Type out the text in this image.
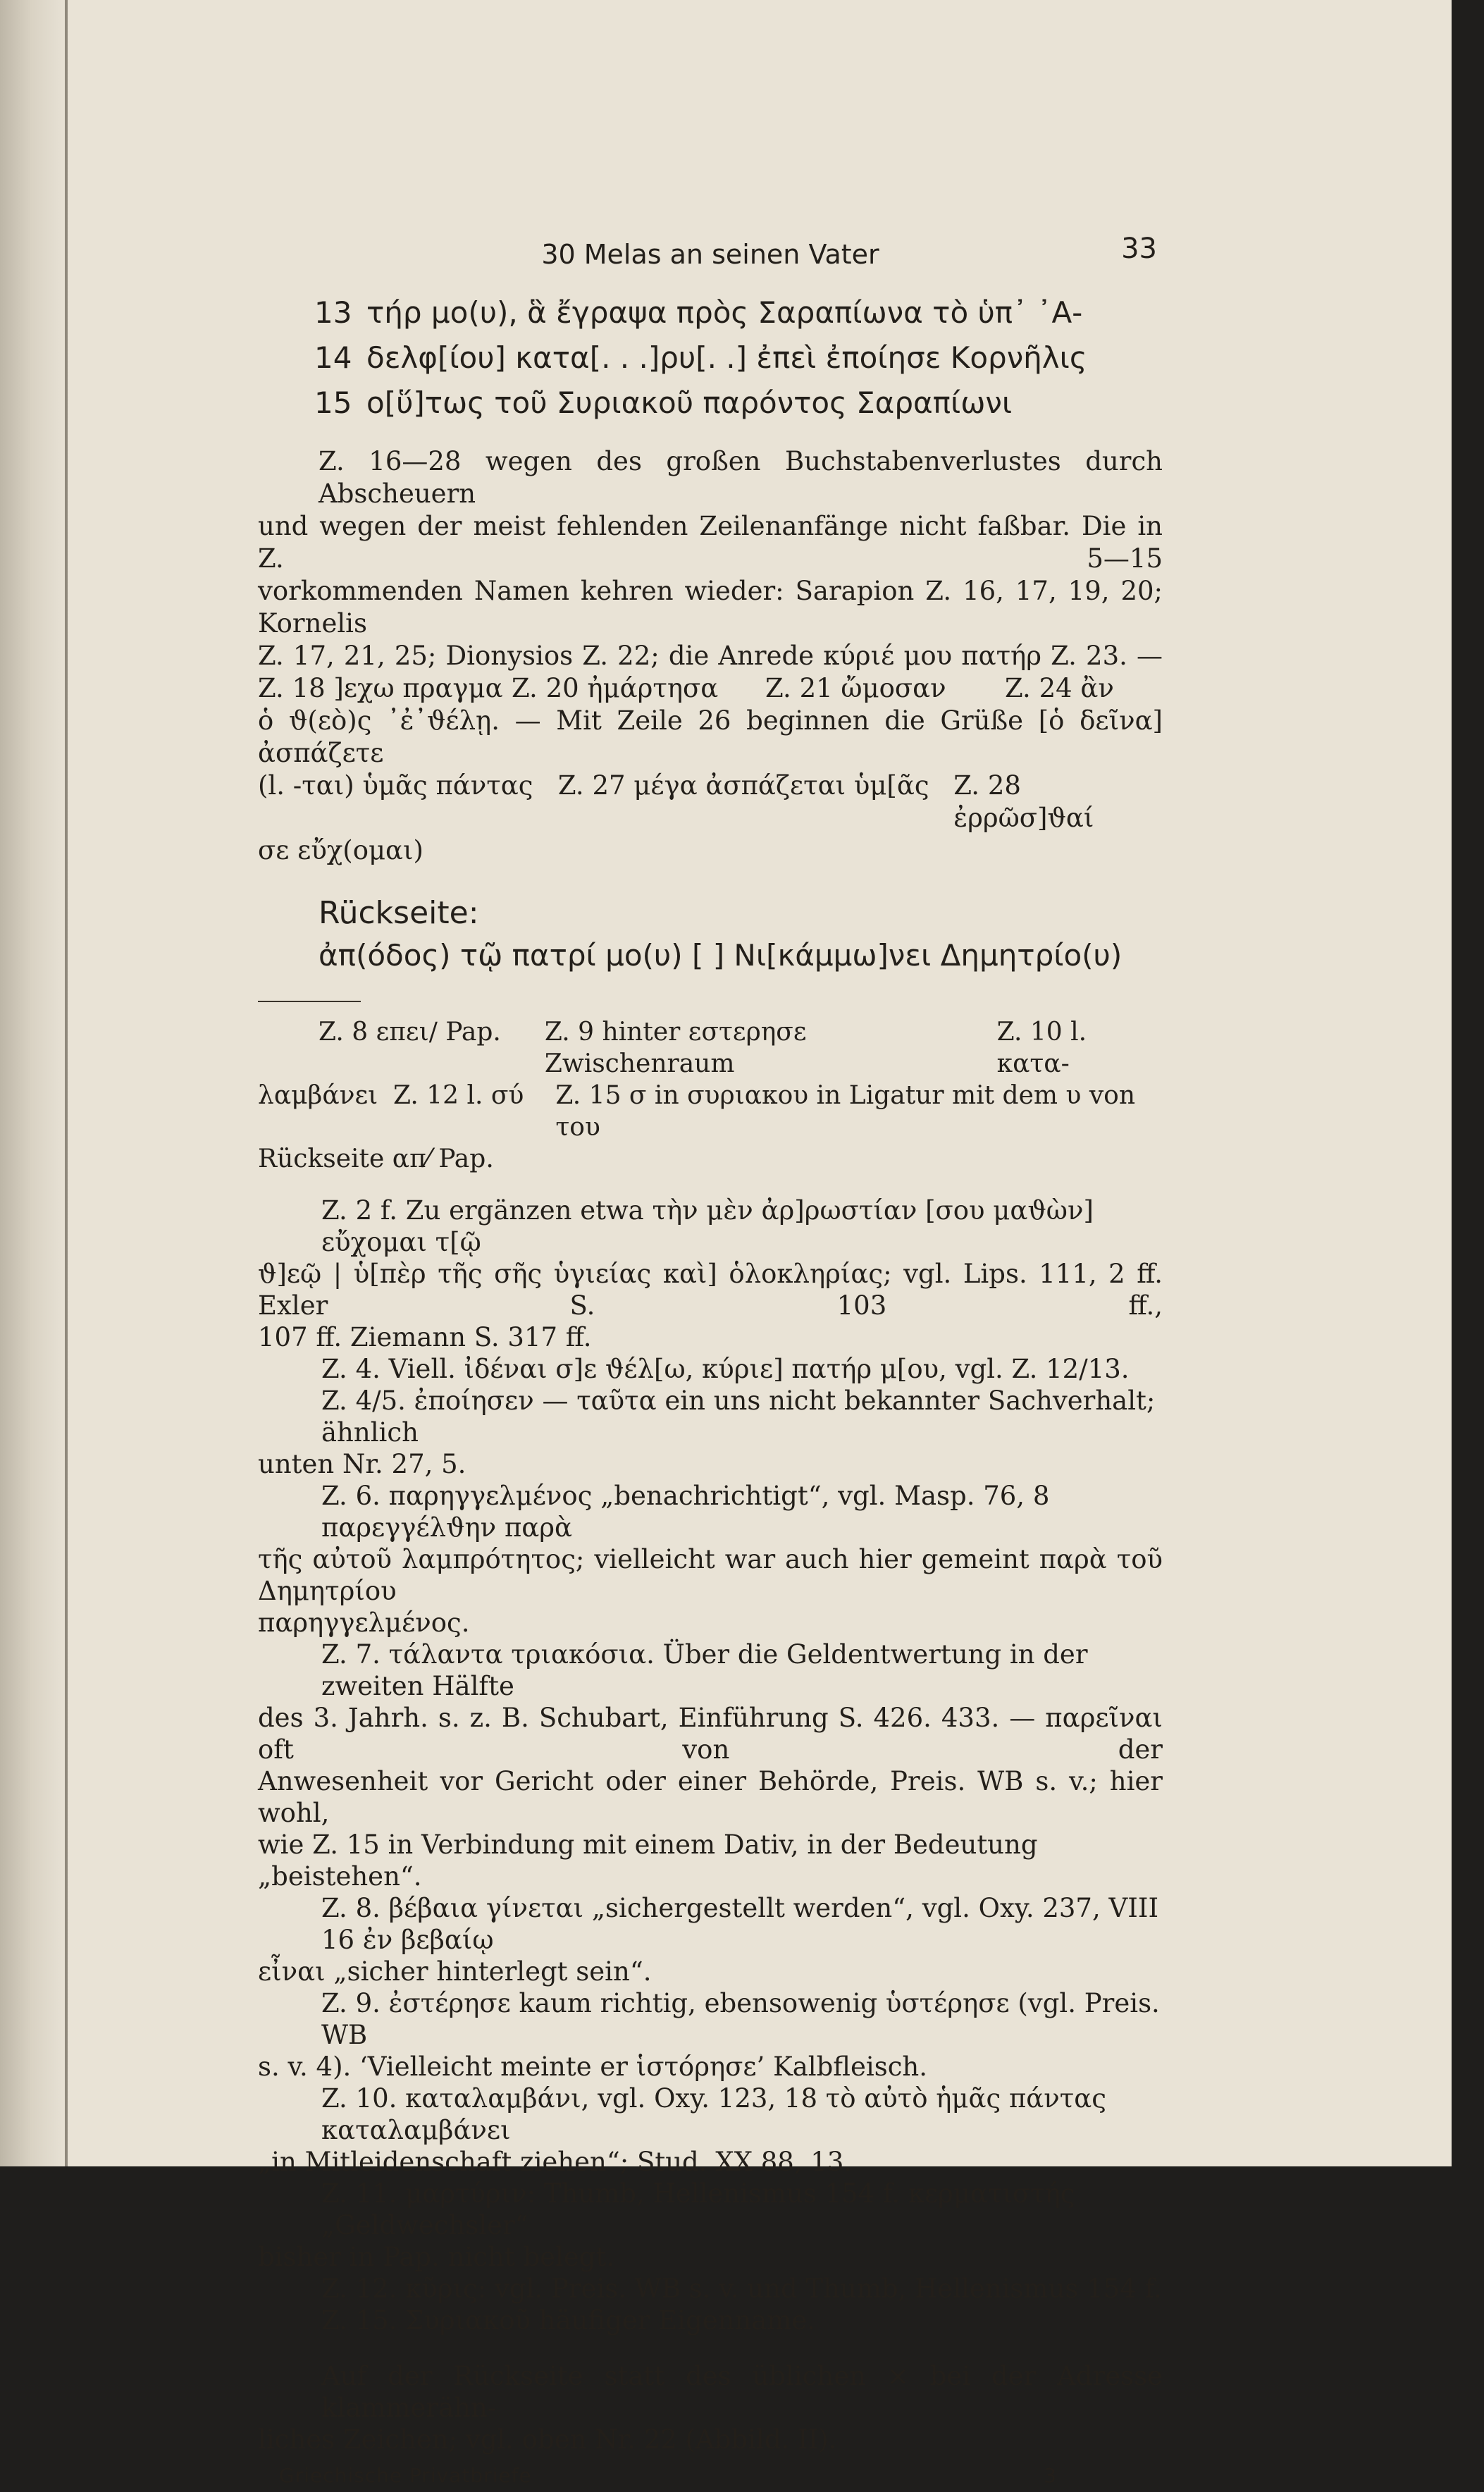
30 Melas an seinen Vater	33
13 τήρ μο(υ), ἃ ἔγραψα πρὸς Σαραπίωνα τὸ ὑπ᾽ ᾿Α-
14 δελφ[ίου] κατα[. . .]ρυ[. .] ἐπεὶ ἐποίησε Κορνῆλις
15 ο[ὕ]τως τοῦ Συριακοῦ παρόντος Σαραπίωνι

Z. 16—28 wegen des großen Buchstabenverlustes durch Abscheuern

und wegen der meist fehlenden Zeilenanfänge nicht faßbar. Die in Z. 5—15

vorkommenden Namen kehren wieder: Sarapion Z. 16, 17, 19, 20; Kornelis

Z. 17, 21, 25; Dionysios Z. 22; die Anrede κύριέ μου πατήρ Z. 23. —

Z. 18 ]εχω πραγμα Z. 20 ἠμάρτησα	Z. 21 ὤμοσαν	Z. 24 ἂν

ὁ ϑ(εὸ)ς ᾿ἐ᾿ϑέλῃ. — Mit Zeile 26 beginnen die Grüße [ὁ δεῖνα] ἀσπάζετε

(l. -ται) ὑμᾶς πάντας Z. 27 μέγα ἀσπάζεται ὑμ[ᾶς Z. 28 ἐρρῶσ]ϑαί

σε εὔχ(ομαι)

Rückseite:
ἀπ(όδος) τῷ πατρί μο(υ) [ ] Νι[κάμμω]νει Δημητρίο(υ)
Z. 8 επει∕ Pap.	Z. 9 hinter εστερησε Zwischenraum
Z. 10 l. κατα-
λαμβάνει Z. 12 l. σύ	Z. 15 σ in συριακου in Ligatur mit dem υ von του

Rückseite απ⁄ Pap.

Z. 2 f. Zu ergänzen etwa τὴν μὲν ἀρ]ρωστίαν [σου μαϑὼν] εὔχομαι τ[ῷ

ϑ]εῷ | ὑ[πὲρ τῆς σῆς ὑγιείας καὶ] ὁλοκληρίας; vgl. Lips. 111, 2 ff. Exler S. 103 ff.,

107 ff. Ziemann S. 317 ff.

Z. 4. Viell. ἰδέναι σ]ε ϑέλ[ω, κύριε] πατήρ μ[ου, vgl. Z. 12/13.

Z. 4/5. ἐποίησεν — ταῦτα ein uns nicht bekannter Sachverhalt; ähnlich

unten Nr. 27, 5.

Z. 6. παρηγγελμένος „benachrichtigt“, vgl. Masp. 76, 8 παρεγγέλϑην παρὰ

τῆς αὐτοῦ λαμπρότητος; vielleicht war auch hier gemeint παρὰ τοῦ Δημητρίου

παρηγγελμένος.

Z. 7. τάλαντα τριακόσια. Über die Geldentwertung in der zweiten Hälfte

des 3. Jahrh. s. z. B. Schubart, Einführung S. 426. 433. — παρεῖναι oft von der

Anwesenheit vor Gericht oder einer Behörde, Preis. WB s. v.; hier wohl,

wie Z. 15 in Verbindung mit einem Dativ, in der Bedeutung „beistehen“.

Z. 8. βέβαια γίνεται „sichergestellt werden“, vgl. Oxy. 237, VIII 16 ἐν βεβαίῳ

εἶναι „sicher hinterlegt sein“.

Z. 9. ἐστέρησε kaum richtig, ebensowenig ὑστέρησε (vgl. Preis. WB

s. v. 4). ‘Vielleicht meinte er ἱστόρησε’ Kalbfleisch.

Z. 10. καταλαμβάνι, vgl. Oxy. 123, 18 τὸ αὐτὸ ἡμᾶς πάντας καταλαμβάνει

„in Mitleidenschaft ziehen“; Stud. XX 88, 13.

Z. 11. μαρτύριν: Thumb, Hellenismus 154 f. κερματιστής „Geldwechsler“

bisher in Pap. nicht belegt.

Z. 12. κῦρις: vgl. Preis. WB s. v. und Thumb, Hellenismus 154 f.

Z. 15. Συριακοῦ häufiger Eigenname.

Auf der Rückseite statt des üblichen × bei der Adresse klammerähn-

liches Zeichen; vgl. oben Nr. 22 (Abbild. II).

Griechische Privatbriefe	3
